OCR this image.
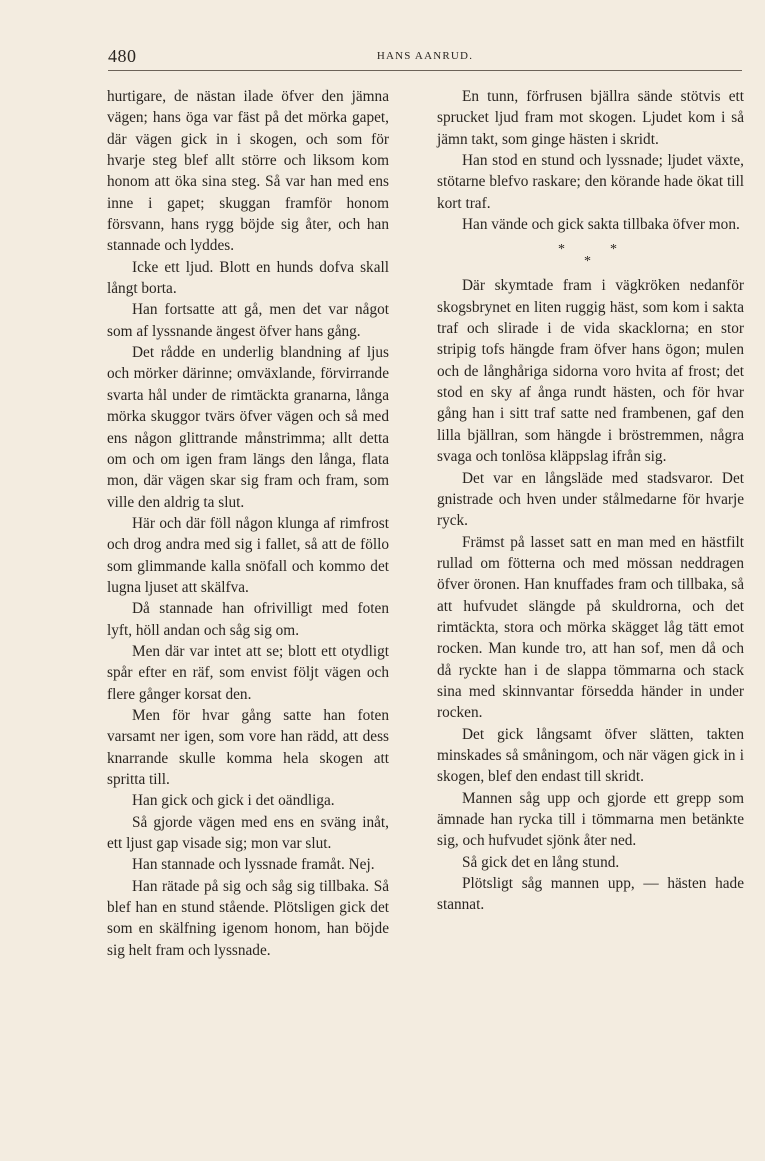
480	HANS AANRUD.

hurtigare, de nästan ilade öfver den jämna vägen; hans öga var fäst på det mörka gapet, där vägen gick in i skogen, och som för hvarje steg blef allt större och liksom kom honom att öka sina steg. Så var han med ens inne i gapet; skuggan framför honom försvann, hans rygg böjde sig åter, och han stannade och lyddes.

Icke ett ljud. Blott en hunds dofva skall långt borta.

Han fortsatte att gå, men det var något som af lyssnande ängest öfver hans gång.

Det rådde en underlig blandning af ljus och mörker därinne; omväxlande, förvirrande svarta hål under de rimtäckta granarna, långa mörka skuggor tvärs öfver vägen och så med ens någon glittrande månstrimma; allt detta om och om igen fram längs den långa, flata mon, där vägen skar sig fram och fram, som ville den aldrig ta slut.

Här och där föll någon klunga af rimfrost och drog andra med sig i fallet, så att de föllo som glimmande kalla snöfall och kommo det lugna ljuset att skälfva.

Då stannade han ofrivilligt med foten lyft, höll andan och såg sig om.

Men där var intet att se; blott ett otydligt spår efter en räf, som envist följt vägen och flere gånger korsat den.

Men för hvar gång satte han foten varsamt ner igen, som vore han rädd, att dess knarrande skulle komma hela skogen att spritta till.

Han gick och gick i det oändliga.

Så gjorde vägen med ens en sväng inåt, ett ljust gap visade sig; mon var slut.

Han stannade och lyssnade framåt. Nej.

Han rätade på sig och såg sig tillbaka. Så blef han en stund stående. Plötsligen gick det som en skälfning igenom honom, han böjde sig helt fram och lyssnade.

En tunn, förfrusen bjällra sände stötvis ett sprucket ljud fram mot skogen. Ljudet kom i så jämn takt, som ginge hästen i skridt.

Han stod en stund och lyssnade; ljudet växte, stötarne blefvo raskare; den körande hade ökat till kort traf.

Han vände och gick sakta tillbaka öfver mon.

*
*
*

Där skymtade fram i vägkröken nedanför skogsbrynet en liten ruggig häst, som kom i sakta traf och slirade i de vida skacklorna; en stor stripig tofs hängde fram öfver hans ögon; mulen och de långhåriga sidorna voro hvita af frost; det stod en sky af ånga rundt hästen, och för hvar gång han i sitt traf satte ned frambenen, gaf den lilla bjällran, som hängde i bröstremmen, några svaga och tonlösa kläppslag ifrån sig.

Det var en långsläde med stadsvaror. Det gnistrade och hven under stålmedarne för hvarje ryck.

Främst på lasset satt en man med en hästfilt rullad om fötterna och med mössan neddragen öfver öronen. Han knuffades fram och tillbaka, så att hufvudet slängde på skuldrorna, och det rimtäckta, stora och mörka skägget låg tätt emot rocken. Man kunde tro, att han sof, men då och då ryckte han i de slappa tömmarna och stack sina med skinnvantar försedda händer in under rocken.

Det gick långsamt öfver slätten, takten minskades så småningom, och när vägen gick in i skogen, blef den endast till skridt.

Mannen såg upp och gjorde ett grepp som ämnade han rycka till i tömmarna men betänkte sig, och hufvudet sjönk åter ned.

Så gick det en lång stund.

Plötsligt såg mannen upp, — hästen hade stannat.
